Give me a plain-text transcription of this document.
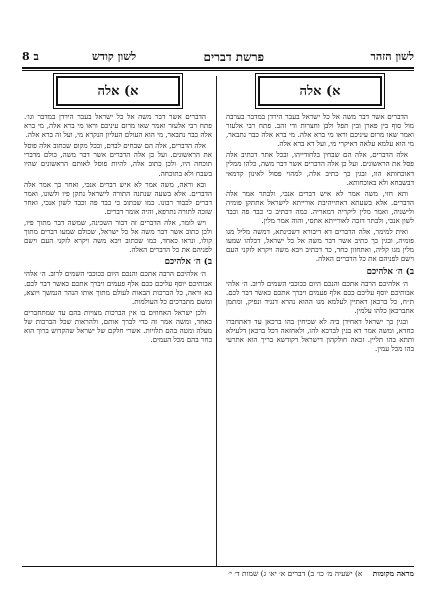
לשון הזהר
פרשת דברים
לשון קודש
ב 8
א) אלה

הדברים אשר דבר משה אל כל ישראל בעבר הירדן במדבר בערבה מול סוף בין פארן ובין תפל ולבן וחצרות ודי זהב. פתח רבי אלעזר ואמר שאו מרום עיניכם וראו מי ברא אלה. מי ברא אלה כבר נתבאר, מי הוא עלמא עלאה דאיקרי מי, ועל דא ברא אלה.

אלה הדברים, אלה הם שבחין בלחודייהו, ובכל אתר דכתיב אלה פסל את הראשונים. ועל כן אלה הדברים אשר דבר משה, כלהו ממלין דאוכחותא הוו, ובגין כך כתיב אלה, למהוי פסול לאינון קדמאי דבשבחא ולא באוכחותא.

ותא חזי, משה אמר לא איש דברים אנכי, ולבתר אמר אלה הדברים. אלא בשעתא דאתייהיבת אורייתא לישראל אתתקן פומיה ולישניה, ואמר מלין ליקריה דמאריה. כמה דכתיב כי כבד פה וכבד לשון אנכי, ולבתר דזכה לאורייתא אתסי, והוה אמר מלין.

ואית למימר, אלה הדברים דא דיבורא דשכינתא, דמשה מליל מגו פומיה, ובגין כך כתיב אשר דבר משה אל כל ישראל, דכלהו שמעו מלין מגו קליה, ואתחזון כחד, כד דכתיב ויבא משה ויקרא לזקני העם וישם לפניהם את כל הדברים האלה.

ב) ה׳ אלהיכם

ה׳ אלהיכם הרבה אתכם והנכם היום ככוכבי השמים לרוב. ה׳ אלהי אבותיכם יוסף עליכם ככם אלף פעמים ויברך אתכם כאשר דבר לכם. ת״ח, כל ברכאן דאתיין לעלמא מגו ההוא נהרא דנגיד ונפיק, ומתמן אתברכאן כלהו עלמין.

ובגין כך ישראל דאחידן ביה לא שכיחין בהו ברכאן עד דאתחברו כחדא, ומשה אמר דא בגין לברכא להו, ולאחזאה דכל ברכאן דלעילא ותתא בהו תליין. זכאה חולקהון דישראל דקודשא בריך הוא אתרעי בהו מכל עמין.

א) אלה

הדברים אשר דבר משה אל כל ישראל בעבר הירדן במדבר וגו׳. פתח רבי אלעזר ואמר שאו מרום עיניכם וראו מי ברא אלה, מי ברא אלה כבר נתבאר, מי הוא העולם העליון הנקרא מי, ועל זה ברא אלה.

אלה הדברים, אלה הם שבחים לבדם, ובכל מקום שכתוב אלה פוסל את הראשונים. ועל כן אלה הדברים אשר דבר משה, כולם מדברי תוכחה היו, ולכן כתוב אלה, להיות פוסל לאותם הראשונים שהיו בשבח ולא בתוכחה.

ובא וראה, משה אמר לא איש דברים אנכי, ואחר כך אמר אלה הדברים. אלא בשעה שנתנה התורה לישראל נתקן פיו ולשונו, ואמר דברים לכבוד רבונו. כמו שכתוב כי כבד פה וכבד לשון אנכי, ואחר שזכה לתורה נתרפא, והיה אומר דברים.

ויש לומר, אלה הדברים זה דבור השכינה, שמשה דבר מתוך פיו, ולכן כתוב אשר דבר משה אל כל ישראל, שכולם שמעו דברים מתוך קולו, ונראו כאחד, כמו שכתוב ויבא משה ויקרא לזקני העם וישם לפניהם את כל הדברים האלה.

ב) ה׳ אלהיכם

ה׳ אלהיכם הרבה אתכם והנכם היום ככוכבי השמים לרוב. ה׳ אלהי אבותיכם יוסף עליכם ככם אלף פעמים ויברך אתכם כאשר דבר לכם. בא וראה, כל הברכות הבאות לעולם מתוך אותו הנהר הנמשך ויוצא, ומשם מתברכים כל העולמות.

ולכן ישראל האחוזים בו אין הברכות מצויות בהם עד שמתחברים כאחד, ומשה אמר זה כדי לברך אותם, ולהראות שכל הברכות של מעלה ומטה בהם תלויות. אשרי חלקם של ישראל שהקדוש ברוך הוא בחר בהם מכל העמים.

מראה מקומות א) ישעיה מ׳ כו׳ ב) דברים א׳ יא׳ ג) שמות ד׳ י׳
